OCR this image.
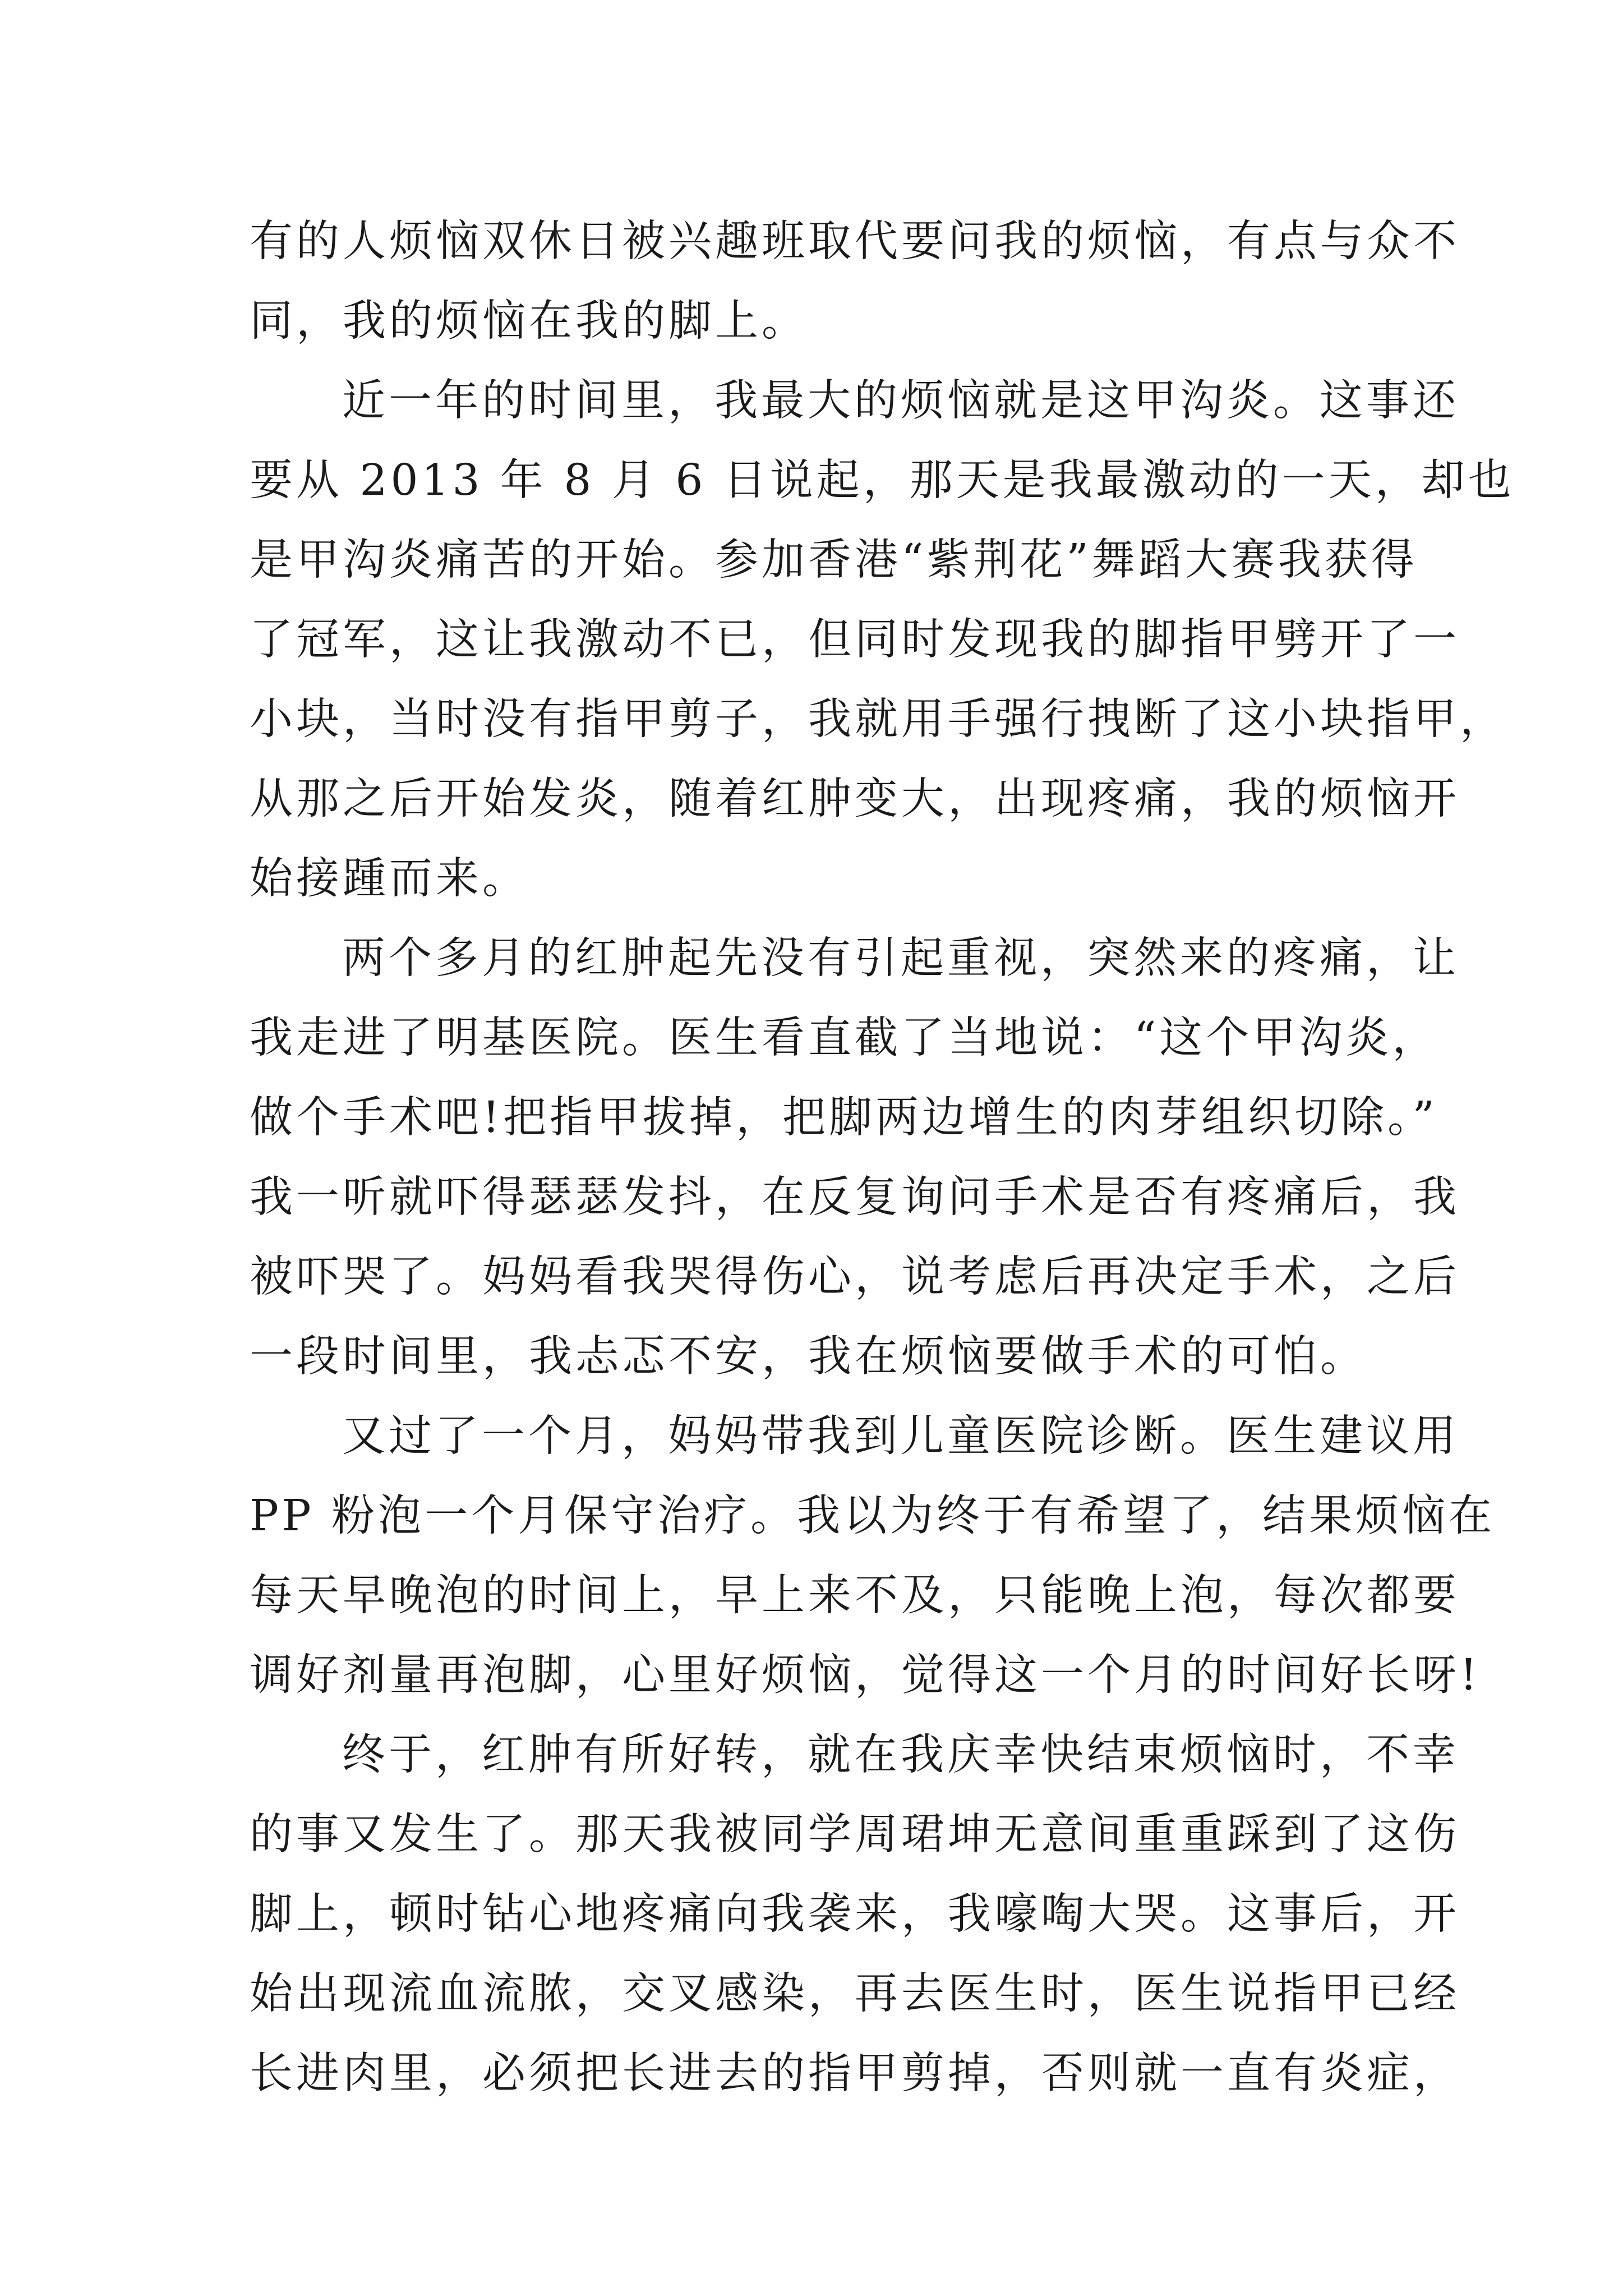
有的人烦恼双休日被兴趣班取代要问我的烦恼，有点与众不
同，我的烦恼在我的脚上。
近一年的时间里，我最大的烦恼就是这甲沟炎。这事还
要从 2013 年 8 月 6 日说起，那天是我最激动的一天，却也
是甲沟炎痛苦的开始。参加香港“紫荆花”舞蹈大赛我获得
了冠军，这让我激动不已，但同时发现我的脚指甲劈开了一
小块，当时没有指甲剪子，我就用手强行拽断了这小块指甲，
从那之后开始发炎，随着红肿变大，出现疼痛，我的烦恼开
始接踵而来。
两个多月的红肿起先没有引起重视，突然来的疼痛，让
我走进了明基医院。医生看直截了当地说：“这个甲沟炎，
做个手术吧!把指甲拔掉，把脚两边增生的肉芽组织切除。”
我一听就吓得瑟瑟发抖，在反复询问手术是否有疼痛后，我
被吓哭了。妈妈看我哭得伤心，说考虑后再决定手术，之后
一段时间里，我忐忑不安，我在烦恼要做手术的可怕。
又过了一个月，妈妈带我到儿童医院诊断。医生建议用
PP 粉泡一个月保守治疗。我以为终于有希望了，结果烦恼在
每天早晚泡的时间上，早上来不及，只能晚上泡，每次都要
调好剂量再泡脚，心里好烦恼，觉得这一个月的时间好长呀!
终于，红肿有所好转，就在我庆幸快结束烦恼时，不幸
的事又发生了。那天我被同学周珺坤无意间重重踩到了这伤
脚上，顿时钻心地疼痛向我袭来，我嚎啕大哭。这事后，开
始出现流血流脓，交叉感染，再去医生时，医生说指甲已经
长进肉里，必须把长进去的指甲剪掉，否则就一直有炎症，
